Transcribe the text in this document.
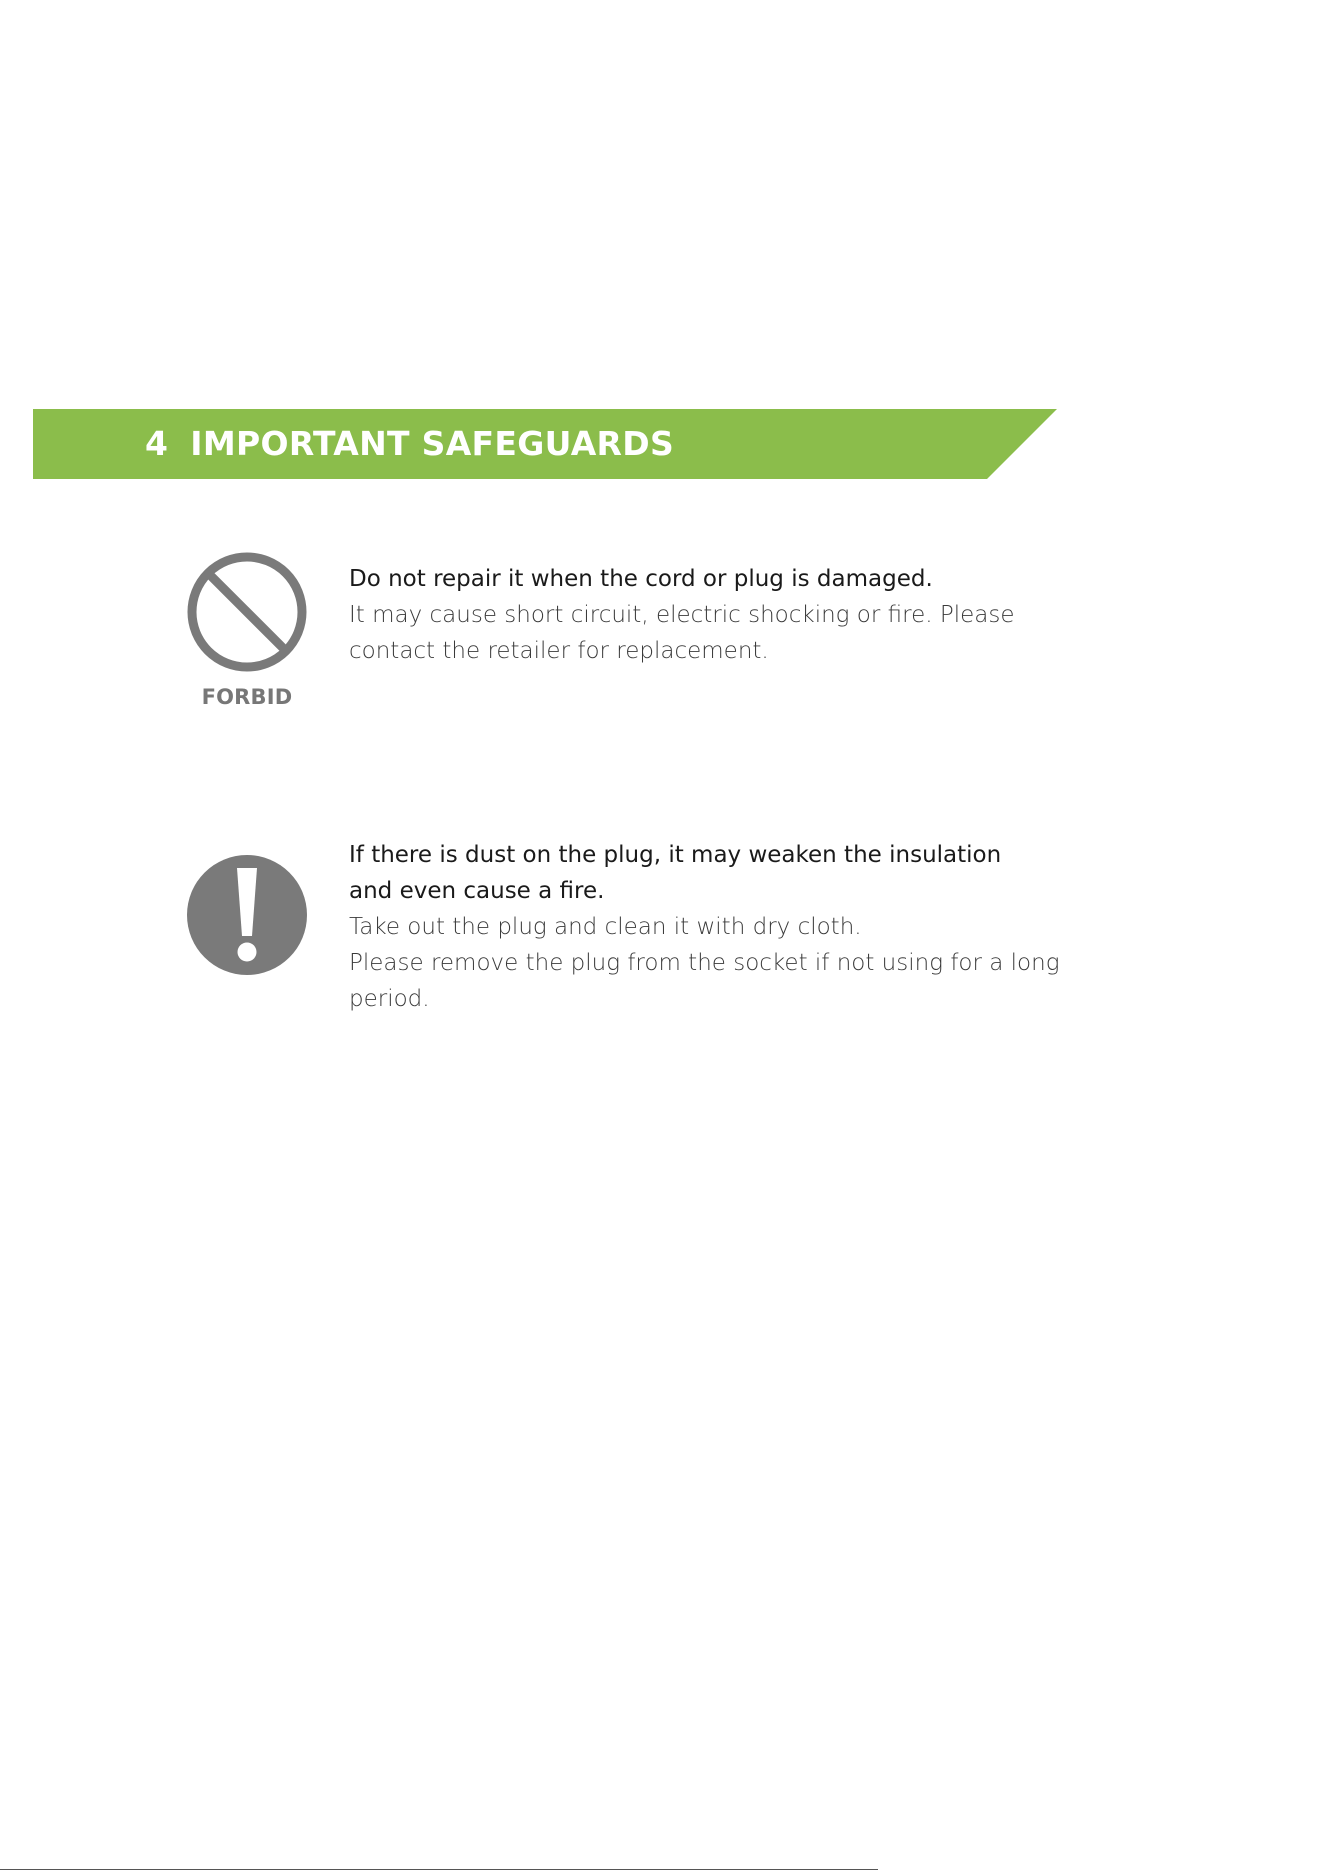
4 IMPORTANT SAFEGUARDS
FORBID

Do not repair it when the cord or plug is damaged.

It may cause short circuit, electric shocking or fire. Please

contact the retailer for replacement.

If there is dust on the plug, it may weaken the insulation

and even cause a fire.

Take out the plug and clean it with dry cloth.

Please remove the plug from the socket if not using for a long

period.
